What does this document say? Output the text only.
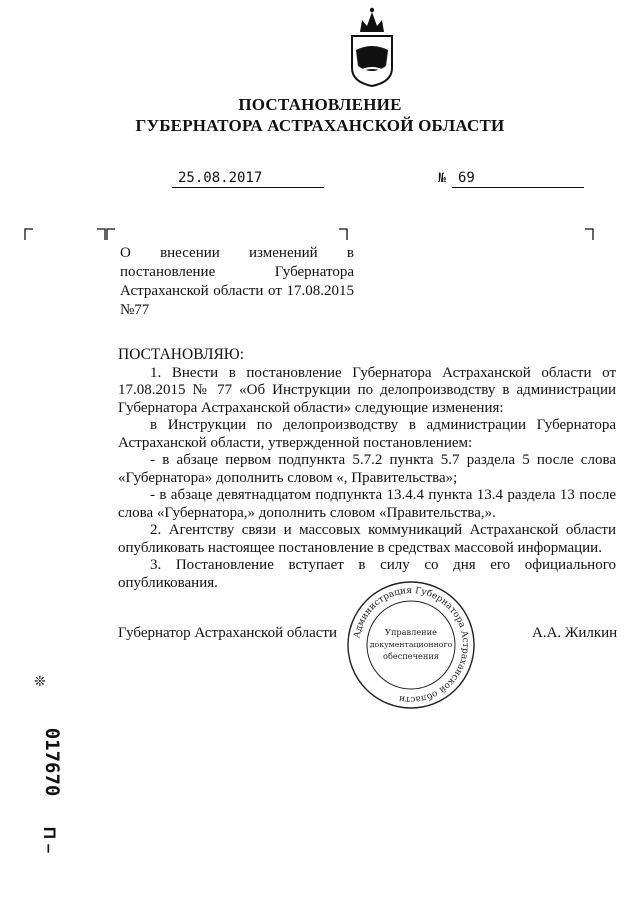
ПОСТАНОВЛЕНИЕ
ГУБЕРНАТОРА АСТРАХАНСКОЙ ОБЛАСТИ
25.08.2017	№ 69
О внесении изменений в постановление Губернатора Астраханской области от 17.08.2015 №77

ПОСТАНОВЛЯЮ:

1. Внести в постановление Губернатора Астраханской области от 17.08.2015 № 77 «Об Инструкции по делопроизводству в администрации Губернатора Астраханской области» следующие изменения:

в Инструкции по делопроизводству в администрации Губернатора Астраханской области, утвержденной постановлением:

- в абзаце первом подпункта 5.7.2 пункта 5.7 раздела 5 после слова «Губернатора» дополнить словом «, Правительства»;

- в абзаце девятнадцатом подпункта 13.4.4 пункта 13.4 раздела 13 после слова «Губернатора,» дополнить словом «Правительства,».

2. Агентству связи и массовых коммуникаций Астраханской области опубликовать настоящее постановление в средствах массовой информации.

3. Постановление вступает в силу со дня его официального опубликования.

Администрация Губернатора Астраханской области
Управление
документационного
обеспечения
Губернатор Астраханской области	А.А. Жилкин
❊
017670
П –
